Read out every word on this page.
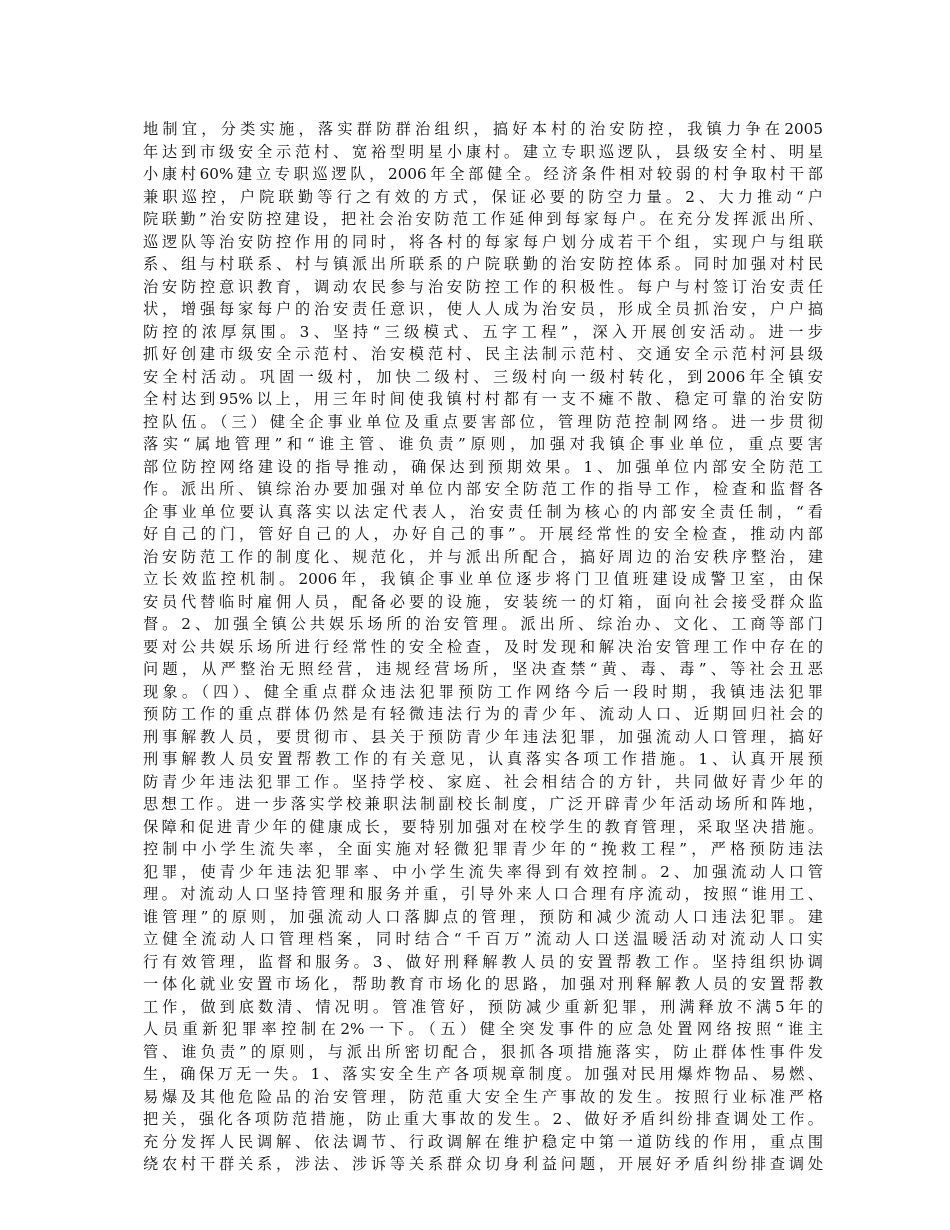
地制宜，分类实施，落实群防群治组织，搞好本村的治安防控，我镇力争在2005
年达到市级安全示范村、宽裕型明星小康村。建立专职巡逻队，县级安全村、明星
小康村60%建立专职巡逻队，2006年全部健全。经济条件相对较弱的村争取村干部
兼职巡控，户院联勤等行之有效的方式，保证必要的防空力量。2、大力推动“户
院联勤”治安防控建设，把社会治安防范工作延伸到每家每户。在充分发挥派出所、
巡逻队等治安防控作用的同时，将各村的每家每户划分成若干个组，实现户与组联
系、组与村联系、村与镇派出所联系的户院联勤的治安防控体系。同时加强对村民
治安防控意识教育，调动农民参与治安防控工作的积极性。每户与村签订治安责任
状，增强每家每户的治安责任意识，使人人成为治安员，形成全员抓治安，户户搞
防控的浓厚氛围。3、坚持“三级模式、五字工程”，深入开展创安活动。进一步
抓好创建市级安全示范村、治安模范村、民主法制示范村、交通安全示范村河县级
安全村活动。巩固一级村，加快二级村、三级村向一级村转化，到2006年全镇安
全村达到95%以上，用三年时间使我镇村村都有一支不瘫不散、稳定可靠的治安防
控队伍。（三）健全企事业单位及重点要害部位，管理防范控制网络。进一步贯彻
落实“属地管理”和“谁主管、谁负责”原则，加强对我镇企事业单位，重点要害
部位防控网络建设的指导推动，确保达到预期效果。1、加强单位内部安全防范工
作。派出所、镇综治办要加强对单位内部安全防范工作的指导工作，检查和监督各
企事业单位要认真落实以法定代表人，治安责任制为核心的内部安全责任制，“看
好自己的门，管好自己的人，办好自己的事”。开展经常性的安全检查，推动内部
治安防范工作的制度化、规范化，并与派出所配合，搞好周边的治安秩序整治，建
立长效监控机制。2006年，我镇企事业单位逐步将门卫值班建设成警卫室，由保
安员代替临时雇佣人员，配备必要的设施，安装统一的灯箱，面向社会接受群众监
督。2、加强全镇公共娱乐场所的治安管理。派出所、综治办、文化、工商等部门
要对公共娱乐场所进行经常性的安全检查，及时发现和解决治安管理工作中存在的
问题，从严整治无照经营，违规经营场所，坚决查禁“黄、毒、毒”、等社会丑恶
现象。（四）、健全重点群众违法犯罪预防工作网络今后一段时期，我镇违法犯罪
预防工作的重点群体仍然是有轻微违法行为的青少年、流动人口、近期回归社会的
刑事解教人员，要贯彻市、县关于预防青少年违法犯罪，加强流动人口管理，搞好
刑事解教人员安置帮教工作的有关意见，认真落实各项工作措施。1、认真开展预
防青少年违法犯罪工作。坚持学校、家庭、社会相结合的方针，共同做好青少年的
思想工作。进一步落实学校兼职法制副校长制度，广泛开辟青少年活动场所和阵地，
保障和促进青少年的健康成长，要特别加强对在校学生的教育管理，采取坚决措施。
控制中小学生流失率，全面实施对轻微犯罪青少年的“挽救工程”，严格预防违法
犯罪，使青少年违法犯罪率、中小学生流失率得到有效控制。2、加强流动人口管
理。对流动人口坚持管理和服务并重，引导外来人口合理有序流动，按照“谁用工、
谁管理”的原则，加强流动人口落脚点的管理，预防和减少流动人口违法犯罪。建
立健全流动人口管理档案，同时结合“千百万”流动人口送温暖活动对流动人口实
行有效管理，监督和服务。3、做好刑释解教人员的安置帮教工作。坚持组织协调
一体化就业安置市场化，帮助教育市场化的思路，加强对刑释解教人员的安置帮教
工作，做到底数清、情况明。管准管好，预防减少重新犯罪，刑满释放不满5年的
人员重新犯罪率控制在2%一下。（五）健全突发事件的应急处置网络按照“谁主
管、谁负责”的原则，与派出所密切配合，狠抓各项措施落实，防止群体性事件发
生，确保万无一失。1、落实安全生产各项规章制度。加强对民用爆炸物品、易燃、
易爆及其他危险品的治安管理，防范重大安全生产事故的发生。按照行业标准严格
把关，强化各项防范措施，防止重大事故的发生。2、做好矛盾纠纷排查调处工作。
充分发挥人民调解、依法调节、行政调解在维护稳定中第一道防线的作用，重点围
绕农村干群关系，涉法、涉诉等关系群众切身利益问题，开展好矛盾纠纷排查调处
